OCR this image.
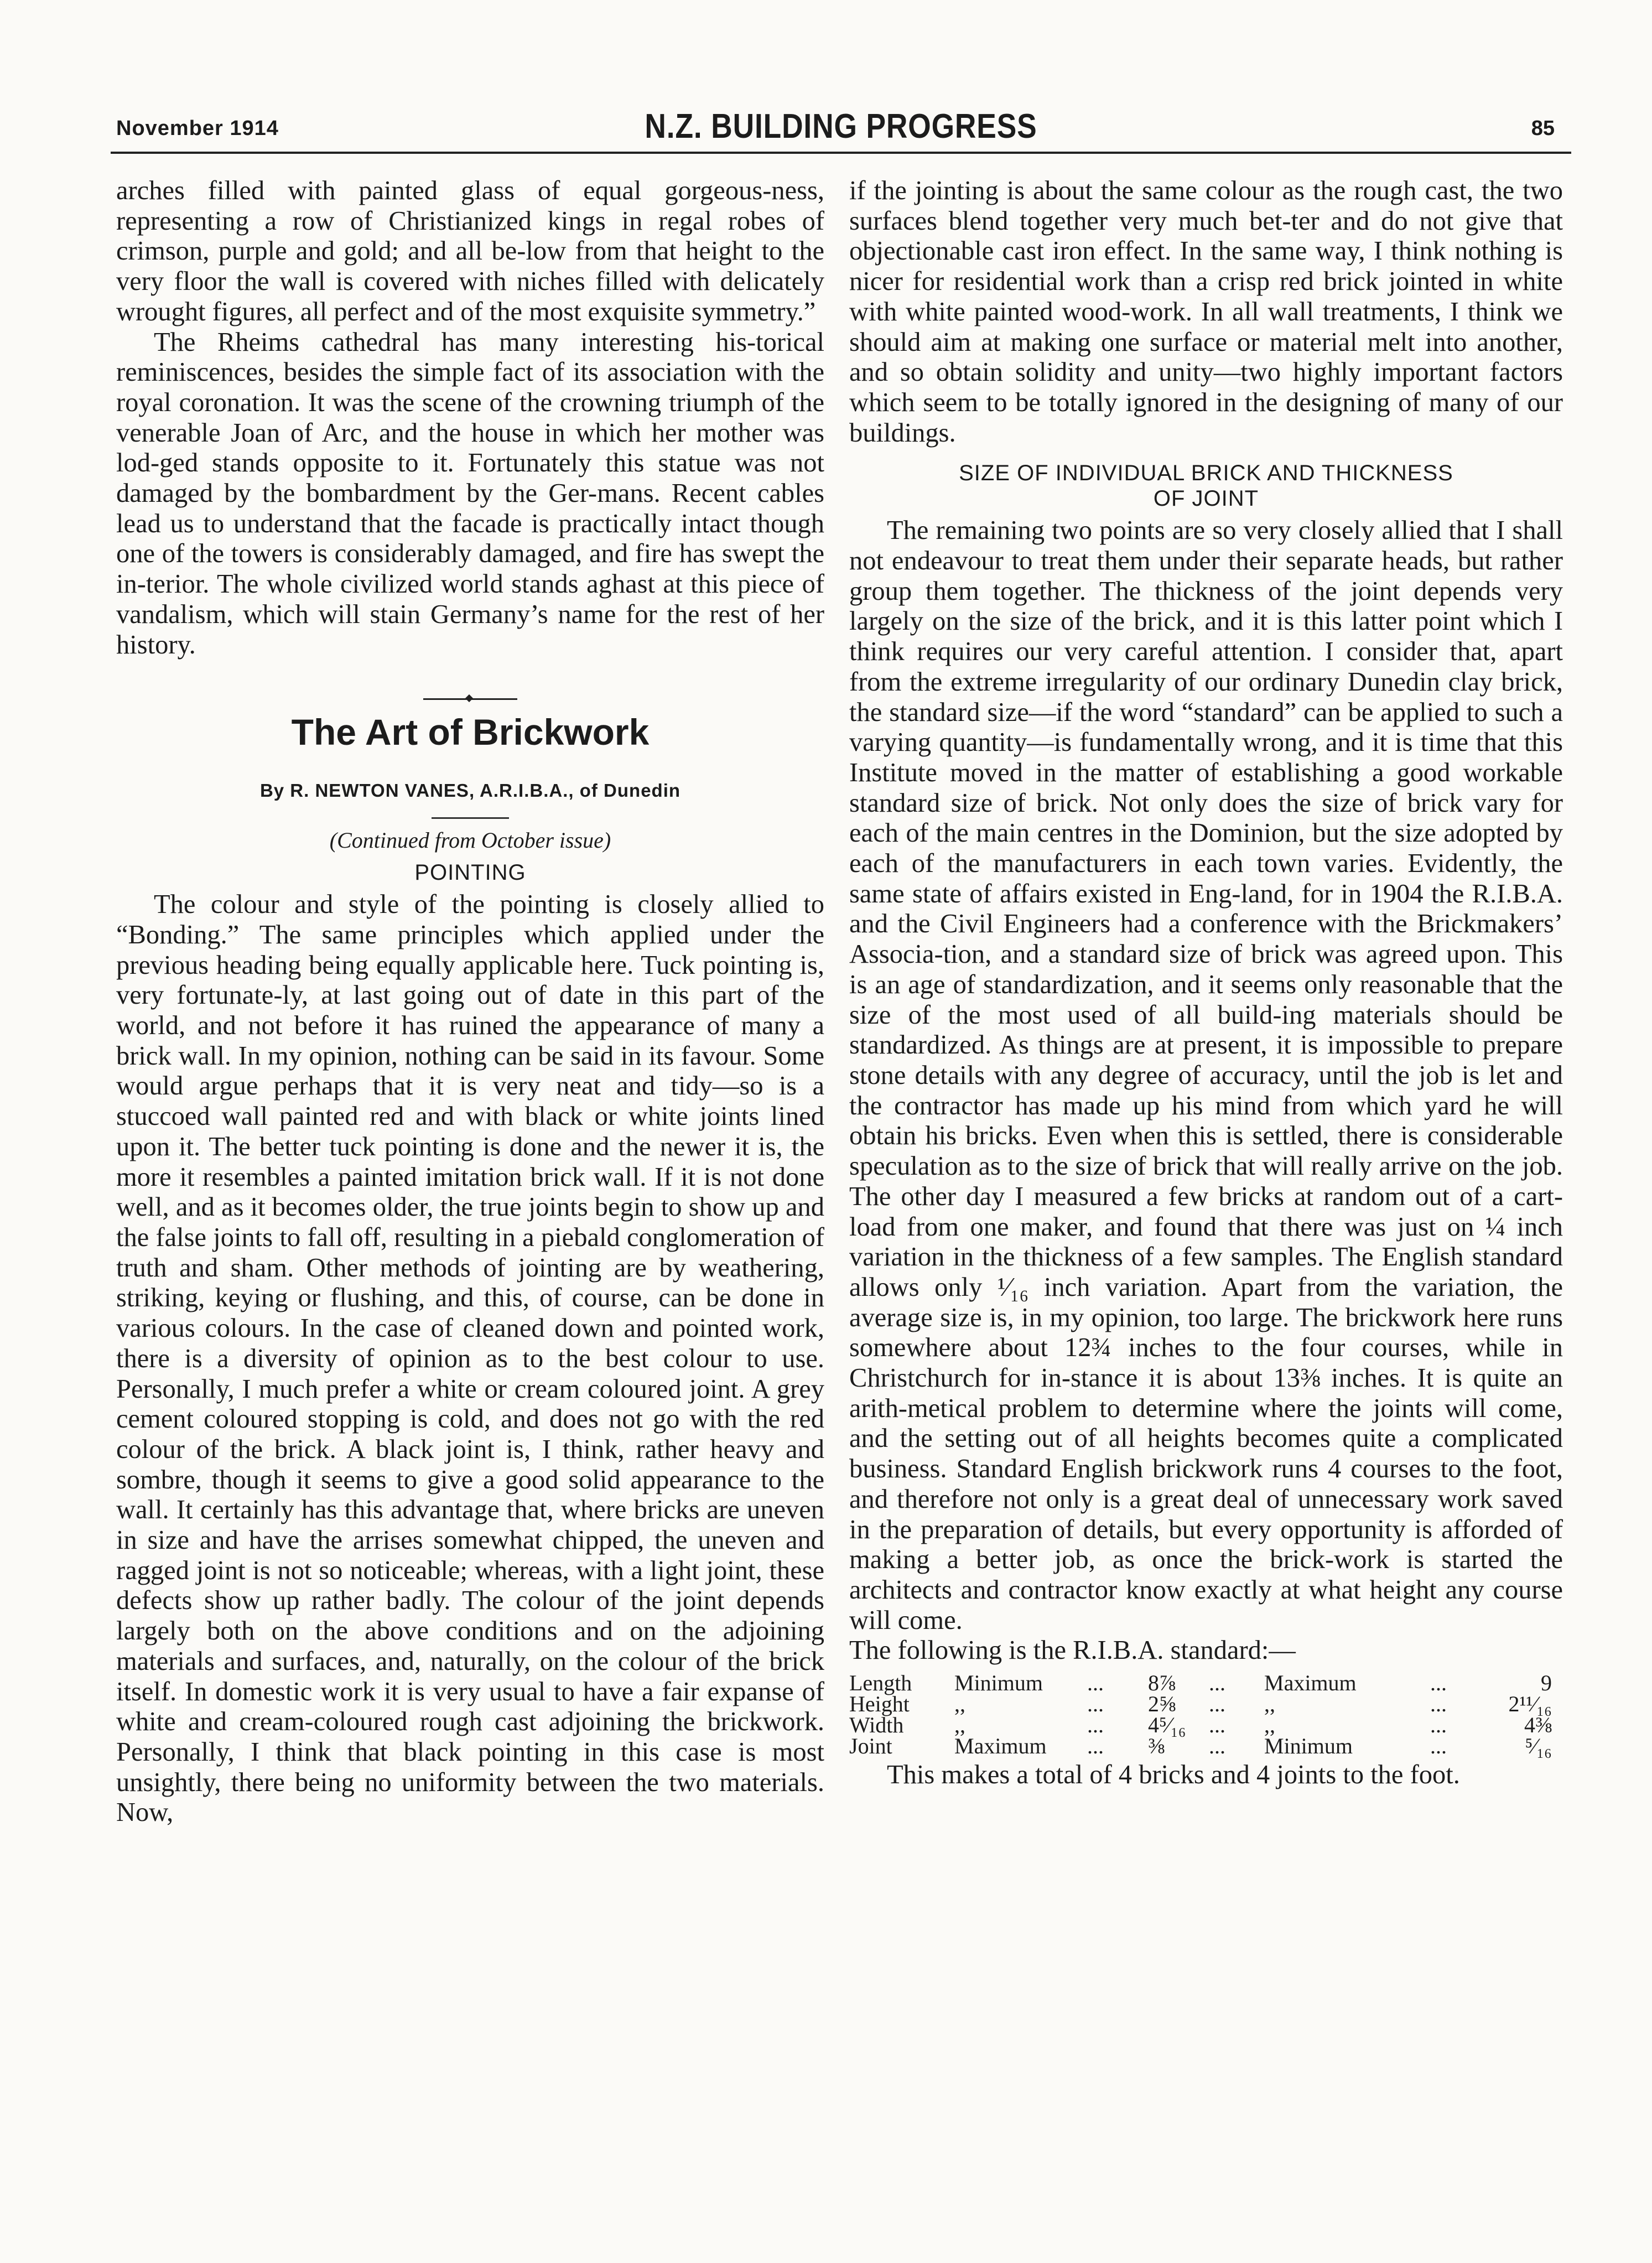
November 1914	N.Z. BUILDING PROGRESS	85

arches filled with painted glass of equal gorgeous-ness, representing a row of Christianized kings in regal robes of crimson, purple and gold; and all be-low from that height to the very floor the wall is covered with niches filled with delicately wrought figures, all perfect and of the most exquisite symmetry.”

The Rheims cathedral has many interesting his-torical reminiscences, besides the simple fact of its association with the royal coronation. It was the scene of the crowning triumph of the venerable Joan of Arc, and the house in which her mother was lod-ged stands opposite to it. Fortunately this statue was not damaged by the bombardment by the Ger-mans. Recent cables lead us to understand that the facade is practically intact though one of the towers is considerably damaged, and fire has swept the in-terior. The whole civilized world stands aghast at this piece of vandalism, which will stain Germany’s name for the rest of her history.

The Art of Brickwork
By R. NEWTON VANES, A.R.I.B.A., of Dunedin
(Continued from October issue)
POINTING

The colour and style of the pointing is closely allied to “Bonding.” The same principles which applied under the previous heading being equally applicable here. Tuck pointing is, very fortunate-ly, at last going out of date in this part of the world, and not before it has ruined the appearance of many a brick wall. In my opinion, nothing can be said in its favour. Some would argue perhaps that it is very neat and tidy—so is a stuccoed wall painted red and with black or white joints lined upon it. The better tuck pointing is done and the newer it is, the more it resembles a painted imitation brick wall. If it is not done well, and as it becomes older, the true joints begin to show up and the false joints to fall off, resulting in a piebald conglomeration of truth and sham. Other methods of jointing are by weathering, striking, keying or flushing, and this, of course, can be done in various colours. In the case of cleaned down and pointed work, there is a diversity of opinion as to the best colour to use. Personally, I much prefer a white or cream coloured joint. A grey cement coloured stopping is cold, and does not go with the red colour of the brick. A black joint is, I think, rather heavy and sombre, though it seems to give a good solid appearance to the wall. It certainly has this advantage that, where bricks are uneven in size and have the arrises somewhat chipped, the uneven and ragged joint is not so noticeable; whereas, with a light joint, these defects show up rather badly. The colour of the joint depends largely both on the above conditions and on the adjoining materials and surfaces, and, naturally, on the colour of the brick itself. In domestic work it is very usual to have a fair expanse of white and cream-coloured rough cast adjoining the brickwork. Personally, I think that black pointing in this case is most unsightly, there being no uniformity between the two materials. Now,

if the jointing is about the same colour as the rough cast, the two surfaces blend together very much bet-ter and do not give that objectionable cast iron effect. In the same way, I think nothing is nicer for residential work than a crisp red brick jointed in white with white painted wood-work. In all wall treatments, I think we should aim at making one surface or material melt into another, and so obtain solidity and unity—two highly important factors which seem to be totally ignored in the designing of many of our buildings.

SIZE OF INDIVIDUAL BRICK AND THICKNESS
OF JOINT

The remaining two points are so very closely allied that I shall not endeavour to treat them under their separate heads, but rather group them together. The thickness of the joint depends very largely on the size of the brick, and it is this latter point which I think requires our very careful attention. I consider that, apart from the extreme irregularity of our ordinary Dunedin clay brick, the standard size—if the word “standard” can be applied to such a varying quantity—is fundamentally wrong, and it is time that this Institute moved in the matter of establishing a good workable standard size of brick. Not only does the size of brick vary for each of the main centres in the Dominion, but the size adopted by each of the manufacturers in each town varies. Evidently, the same state of affairs existed in Eng-land, for in 1904 the R.I.B.A. and the Civil Engineers had a conference with the Brickmakers’ Associa-tion, and a standard size of brick was agreed upon. This is an age of standardization, and it seems only reasonable that the size of the most used of all build-ing materials should be standardized. As things are at present, it is impossible to prepare stone details with any degree of accuracy, until the job is let and the contractor has made up his mind from which yard he will obtain his bricks. Even when this is settled, there is considerable speculation as to the size of brick that will really arrive on the job. The other day I measured a few bricks at random out of a cart-load from one maker, and found that there was just on ¼ inch variation in the thickness of a few samples. The English standard allows only ¹⁄₁₆ inch variation. Apart from the variation, the average size is, in my opinion, too large. The brickwork here runs somewhere about 12¾ inches to the four courses, while in Christchurch for in-stance it is about 13⅜ inches. It is quite an arith-metical problem to determine where the joints will come, and the setting out of all heights becomes quite a complicated business. Standard English brickwork runs 4 courses to the foot, and therefore not only is a great deal of unnecessary work saved in the preparation of details, but every opportunity is afforded of making a better job, as once the brick-work is started the architects and contractor know exactly at what height any course will come.

The following is the R.I.B.A. standard:—

Length	Minimum	...	8⅞	...	Maximum	...	9
Height	,,	...	2⅝	...	,,	...	2¹¹⁄₁₆
Width	,,	...	4⁵⁄₁₆	...	,,	...	4⅜
Joint	Maximum	...	⅜	...	Minimum	...	⁵⁄₁₆

This makes a total of 4 bricks and 4 joints to the foot.
